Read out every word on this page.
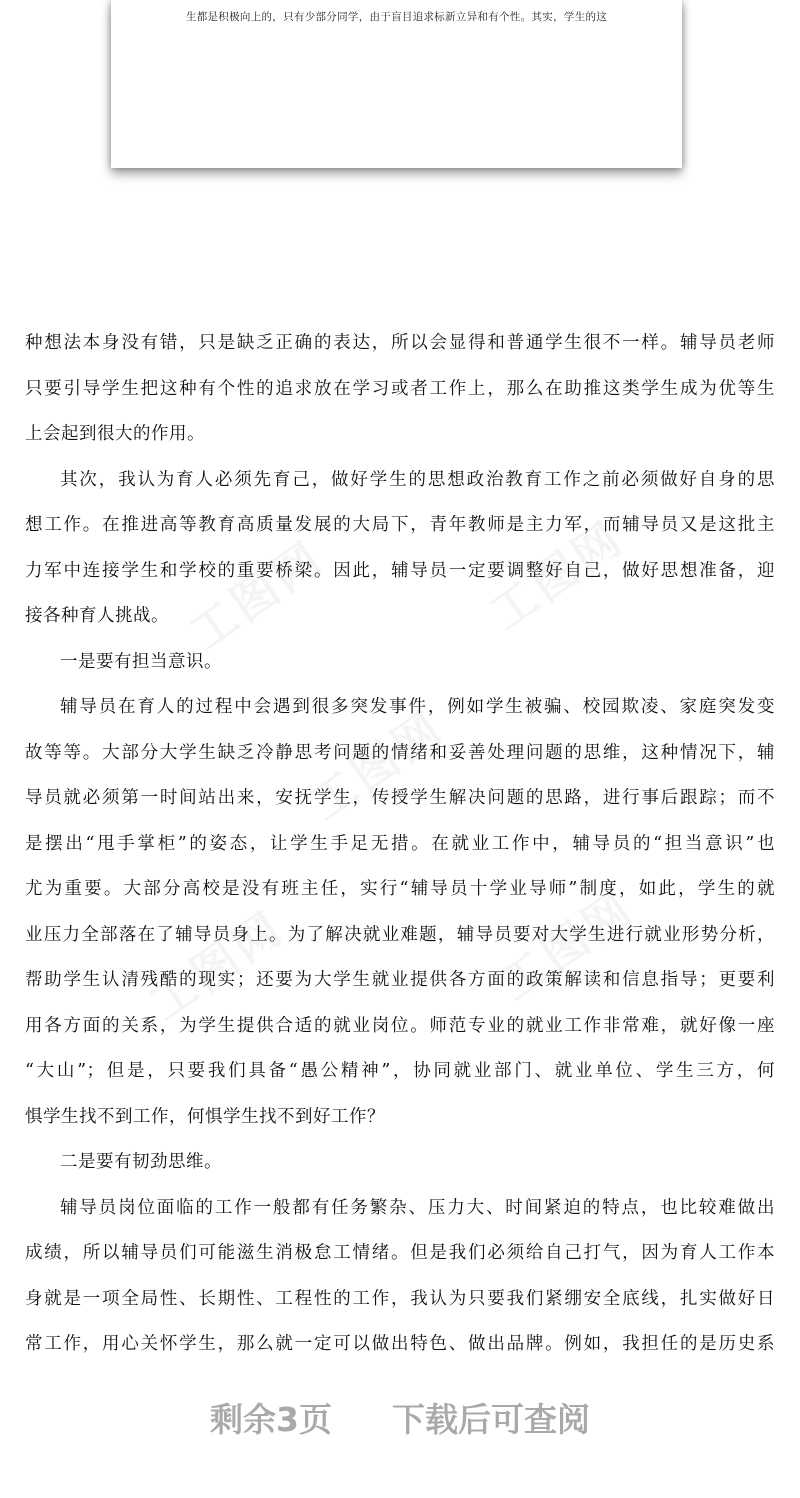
生都是积极向上的，只有少部分同学，由于盲目追求标新立异和有个性。其实，学生的这
种想法本身没有错，只是缺乏正确的表达，所以会显得和普通学生很不一样。辅导员老师
只要引导学生把这种有个性的追求放在学习或者工作上，那么在助推这类学生成为优等生
上会起到很大的作用。
其次，我认为育人必须先育己，做好学生的思想政治教育工作之前必须做好自身的思
想工作。在推进高等教育高质量发展的大局下，青年教师是主力军，而辅导员又是这批主
力军中连接学生和学校的重要桥梁。因此，辅导员一定要调整好自己，做好思想准备，迎
接各种育人挑战。
一是要有担当意识。
辅导员在育人的过程中会遇到很多突发事件，例如学生被骗、校园欺凌、家庭突发变
故等等。大部分大学生缺乏冷静思考问题的情绪和妥善处理问题的思维，这种情况下，辅
导员就必须第一时间站出来，安抚学生，传授学生解决问题的思路，进行事后跟踪；而不
是摆出“甩手掌柜”的姿态，让学生手足无措。在就业工作中，辅导员的“担当意识”也
尤为重要。大部分高校是没有班主任，实行“辅导员十学业导师”制度，如此，学生的就
业压力全部落在了辅导员身上。为了解决就业难题，辅导员要对大学生进行就业形势分析，
帮助学生认清残酷的现实；还要为大学生就业提供各方面的政策解读和信息指导；更要利
用各方面的关系，为学生提供合适的就业岗位。师范专业的就业工作非常难，就好像一座
“大山”；但是，只要我们具备“愚公精神”，协同就业部门、就业单位、学生三方，何
惧学生找不到工作，何惧学生找不到好工作？
二是要有韧劲思维。
辅导员岗位面临的工作一般都有任务繁杂、压力大、时间紧迫的特点，也比较难做出
成绩，所以辅导员们可能滋生消极怠工情绪。但是我们必须给自己打气，因为育人工作本
身就是一项全局性、长期性、工程性的工作，我认为只要我们紧绷安全底线，扎实做好日
常工作，用心关怀学生，那么就一定可以做出特色、做出品牌。例如，我担任的是历史系
剩余3页 下载后可查阅
